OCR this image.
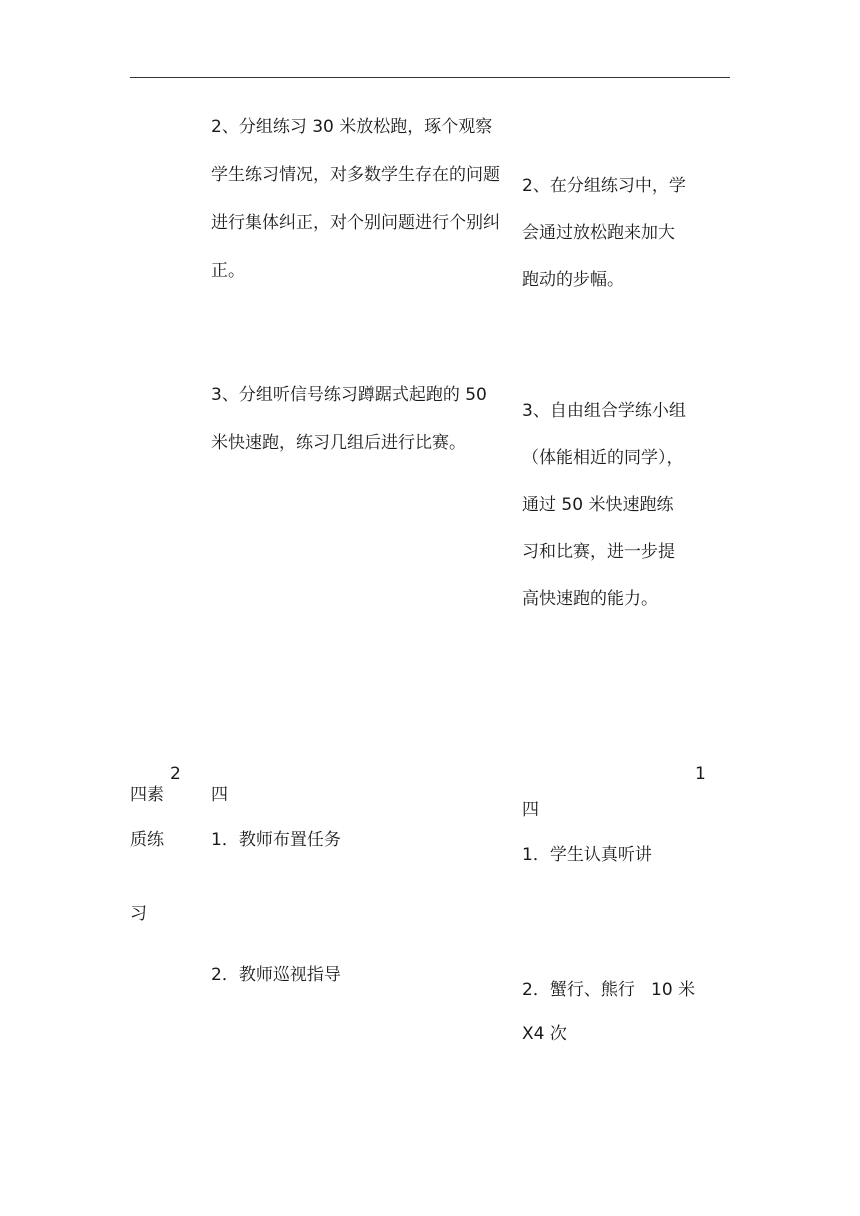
2、分组练习 30 米放松跑，琢个观察
学生练习情况，对多数学生存在的问题
进行集体纠正，对个别问题进行个别纠
正。
2、在分组练习中，学
会通过放松跑来加大
跑动的步幅。
3、分组听信号练习蹲踞式起跑的 50
米快速跑，练习几组后进行比赛。
3、自由组合学练小组
（体能相近的同学），
通过 50 米快速跑练
习和比赛，进一步提
高快速跑的能力。
2	1
四素
质练
习
四
1．教师布置任务
2．教师巡视指导
四
1．学生认真听讲
2．蟹行、熊行   10 米
X4 次
